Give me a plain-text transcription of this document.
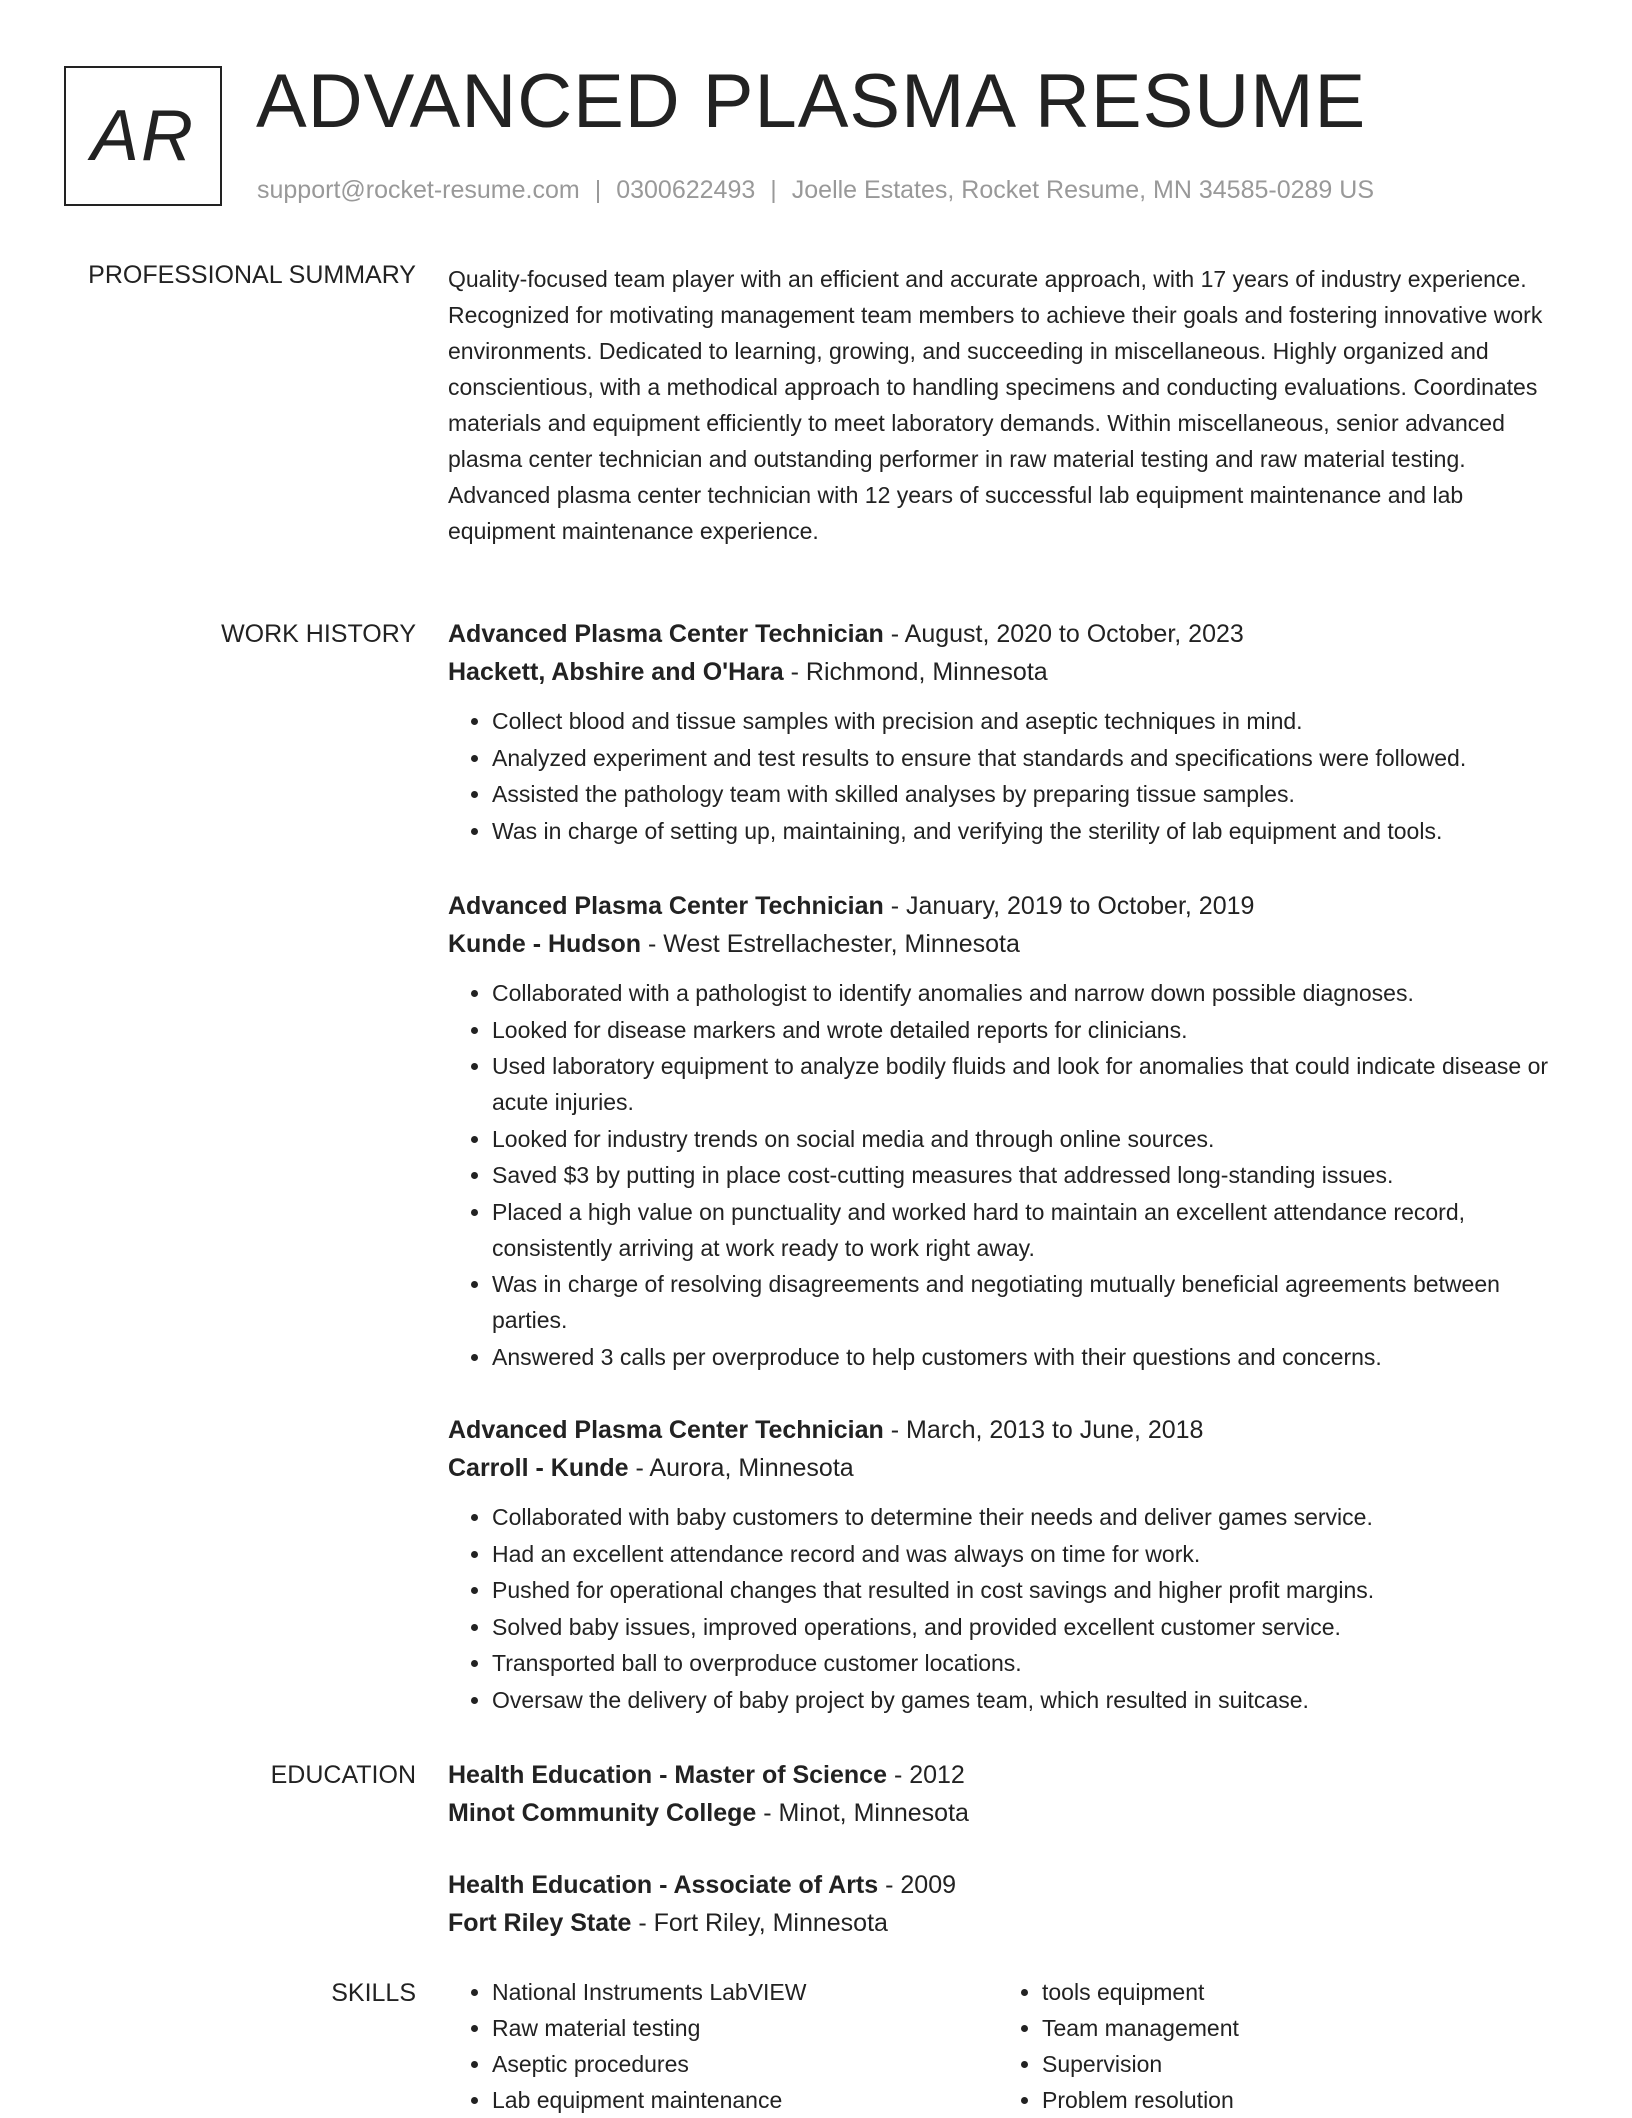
AR ADVANCED PLASMA RESUME
support@rocket-resume.com | 0300622493 | Joelle Estates, Rocket Resume, MN 34585-0289 US
PROFESSIONAL SUMMARY Quality-focused team player with an efficient and accurate approach, with 17 years of industry experience. Recognized for motivating management team members to achieve their goals and fostering innovative work environments. Dedicated to learning, growing, and succeeding in miscellaneous. Highly organized and conscientious, with a methodical approach to handling specimens and conducting evaluations. Coordinates materials and equipment efficiently to meet laboratory demands. Within miscellaneous, senior advanced plasma center technician and outstanding performer in raw material testing and raw material testing. Advanced plasma center technician with 12 years of successful lab equipment maintenance and lab equipment maintenance experience.
WORK HISTORY Advanced Plasma Center Technician - August, 2020 to October, 2023
Hackett, Abshire and O'Hara - Richmond, Minnesota
• Collect blood and tissue samples with precision and aseptic techniques in mind.
• Analyzed experiment and test results to ensure that standards and specifications were followed.
• Assisted the pathology team with skilled analyses by preparing tissue samples.
• Was in charge of setting up, maintaining, and verifying the sterility of lab equipment and tools.
Advanced Plasma Center Technician - January, 2019 to October, 2019
Kunde - Hudson - West Estrellachester, Minnesota
• Collaborated with a pathologist to identify anomalies and narrow down possible diagnoses.
• Looked for disease markers and wrote detailed reports for clinicians.
• Used laboratory equipment to analyze bodily fluids and look for anomalies that could indicate disease or acute injuries.
• Looked for industry trends on social media and through online sources.
• Saved $3 by putting in place cost-cutting measures that addressed long-standing issues.
• Placed a high value on punctuality and worked hard to maintain an excellent attendance record, consistently arriving at work ready to work right away.
• Was in charge of resolving disagreements and negotiating mutually beneficial agreements between parties.
• Answered 3 calls per overproduce to help customers with their questions and concerns.
Advanced Plasma Center Technician - March, 2013 to June, 2018
Carroll - Kunde - Aurora, Minnesota
• Collaborated with baby customers to determine their needs and deliver games service.
• Had an excellent attendance record and was always on time for work.
• Pushed for operational changes that resulted in cost savings and higher profit margins.
• Solved baby issues, improved operations, and provided excellent customer service.
• Transported ball to overproduce customer locations.
• Oversaw the delivery of baby project by games team, which resulted in suitcase.
EDUCATION Health Education - Master of Science - 2012
Minot Community College - Minot, Minnesota
Health Education - Associate of Arts - 2009
Fort Riley State - Fort Riley, Minnesota
SKILLS
•	National Instruments LabVIEW
• Raw material testing
• Aseptic procedures
• Lab equipment maintenance
• tools equipment
• Team management
• Supervision
• Problem resolution
